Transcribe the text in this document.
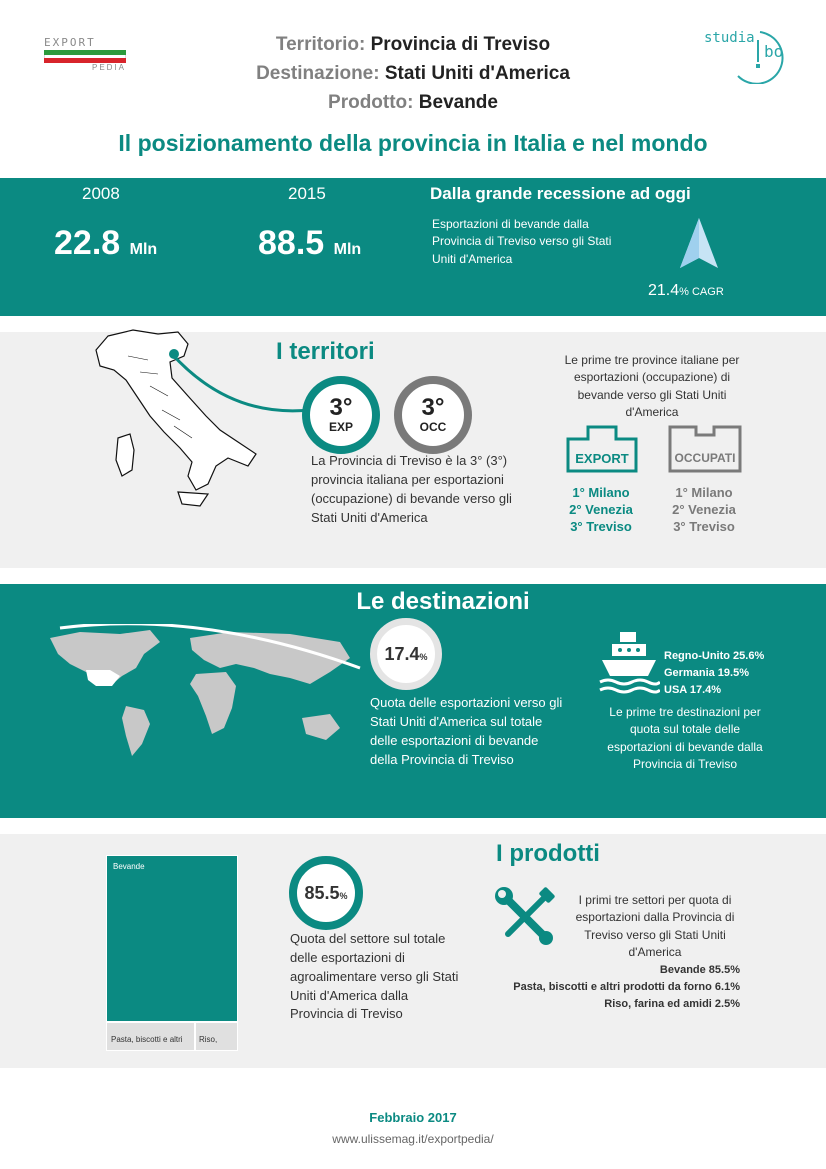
EXPORT
PEDIA
Territorio: Provincia di Treviso
Destinazione: Stati Uniti d'America
Prodotto: Bevande
studia
bo
Il posizionamento della provincia in Italia e nel mondo
2008
22.8 Mln
2015
88.5 Mln
Dalla grande recessione ad oggi
Esportazioni di bevande dalla Provincia di Treviso verso gli Stati Uniti d'America
21.4% CAGR
I territori
3°
EXP
3°
OCC
La Provincia di Treviso è la 3° (3°) provincia italiana per esportazioni (occupazione) di bevande verso gli Stati Uniti d'America
Le prime tre province italiane per esportazioni (occupazione) di bevande verso gli Stati Uniti d'America
EXPORT	OCCUPATI
1° Milano
2° Venezia
3° Treviso
1° Milano
2° Venezia
3° Treviso
Le destinazioni
17.4%
Quota delle esportazioni verso gli Stati Uniti d'America sul totale delle esportazioni di bevande della Provincia di Treviso
Regno-Unito 25.6%
Germania 19.5%
USA 17.4%
Le prime tre destinazioni per quota sul totale delle esportazioni di bevande dalla Provincia di Treviso
Bevande
Pasta, biscotti e altri	Riso,
85.5%
Quota del settore sul totale delle esportazioni di agroalimentare verso gli Stati Uniti d'America dalla Provincia di Treviso
I prodotti
I primi tre settori per quota di esportazioni dalla Provincia di Treviso verso gli Stati Uniti d'America
Bevande 85.5%
Pasta, biscotti e altri prodotti da forno 6.1%
Riso, farina ed amidi 2.5%
Febbraio 2017
www.ulissemag.it/exportpedia/
